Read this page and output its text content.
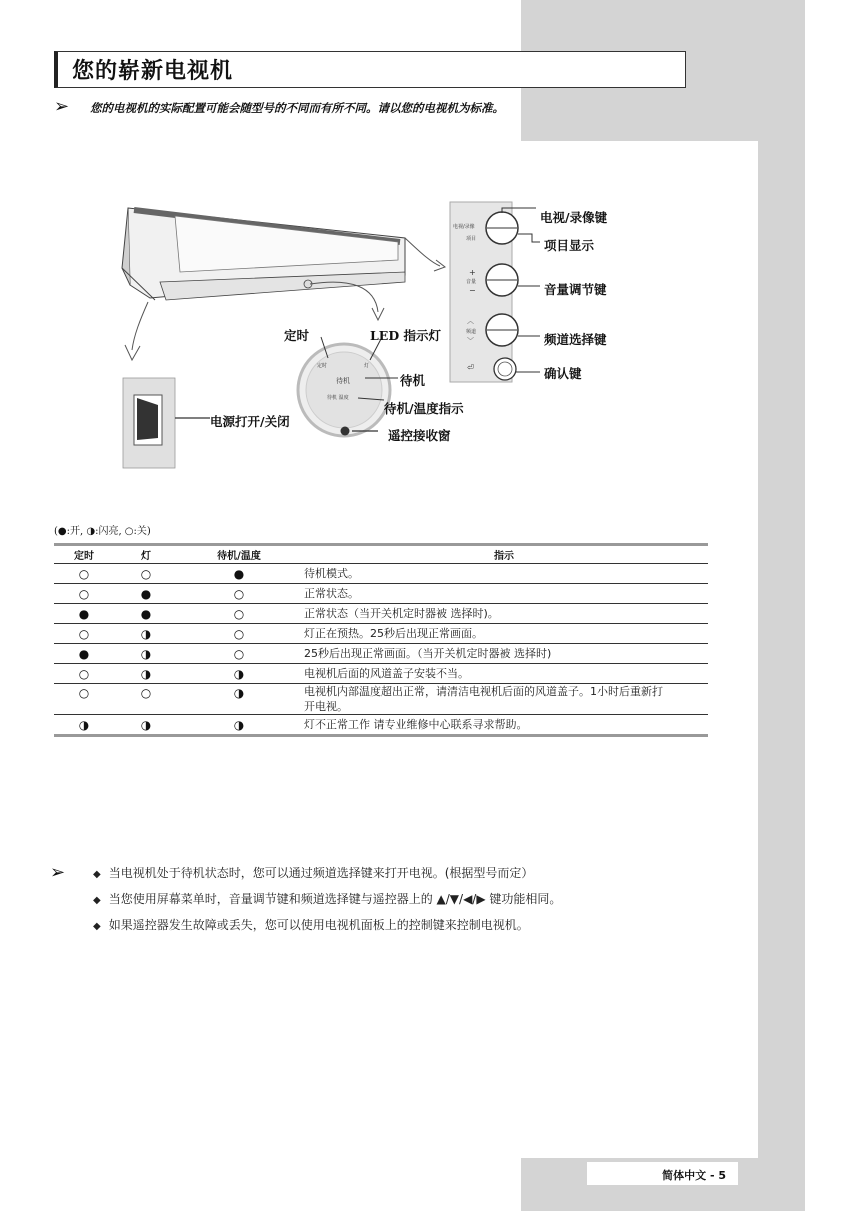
您的崭新电视机
➢ 您的电视机的实际配置可能会随型号的不同而有所不同。请以您的电视机为标准。
电视/录像键
项目显示
音量调节键
频道选择键
确认键
定时	LED 指示灯
待机
待机/温度指示
电源打开/关闭
遥控接收窗
电视/录像
项目
+
音量
−
︿
频道
﹀
⏎
定时	灯
待机
待机 温度
(●:开, ◑:闪亮, ○:关)
定时	灯	待机/温度	指示
○	○	●	待机模式。
○	●	○	正常状态。
●	●	○	正常状态（当开关机定时器被 选择时)。
○	◑	○	灯正在预热。25秒后出现正常画面。
●	◑	○	25秒后出现正常画面。（当开关机定时器被 选择时)
○	◑	◑	电视机后面的风道盖子安装不当。
○	○	◑	电视机内部温度超出正常，请清洁电视机后面的风道盖子。1小时后重新打开电视。
◑	◑	◑	灯不正常工作 请专业维修中心联系寻求帮助。
➢	◆ 当电视机处于待机状态时，您可以通过频道选择键来打开电视。(根据型号而定）
◆ 当您使用屏幕菜单时，音量调节键和频道选择键与遥控器上的 ▲/▼/◀/▶ 键功能相同。
◆ 如果遥控器发生故障或丢失，您可以使用电视机面板上的控制键来控制电视机。
简体中文 - 5
